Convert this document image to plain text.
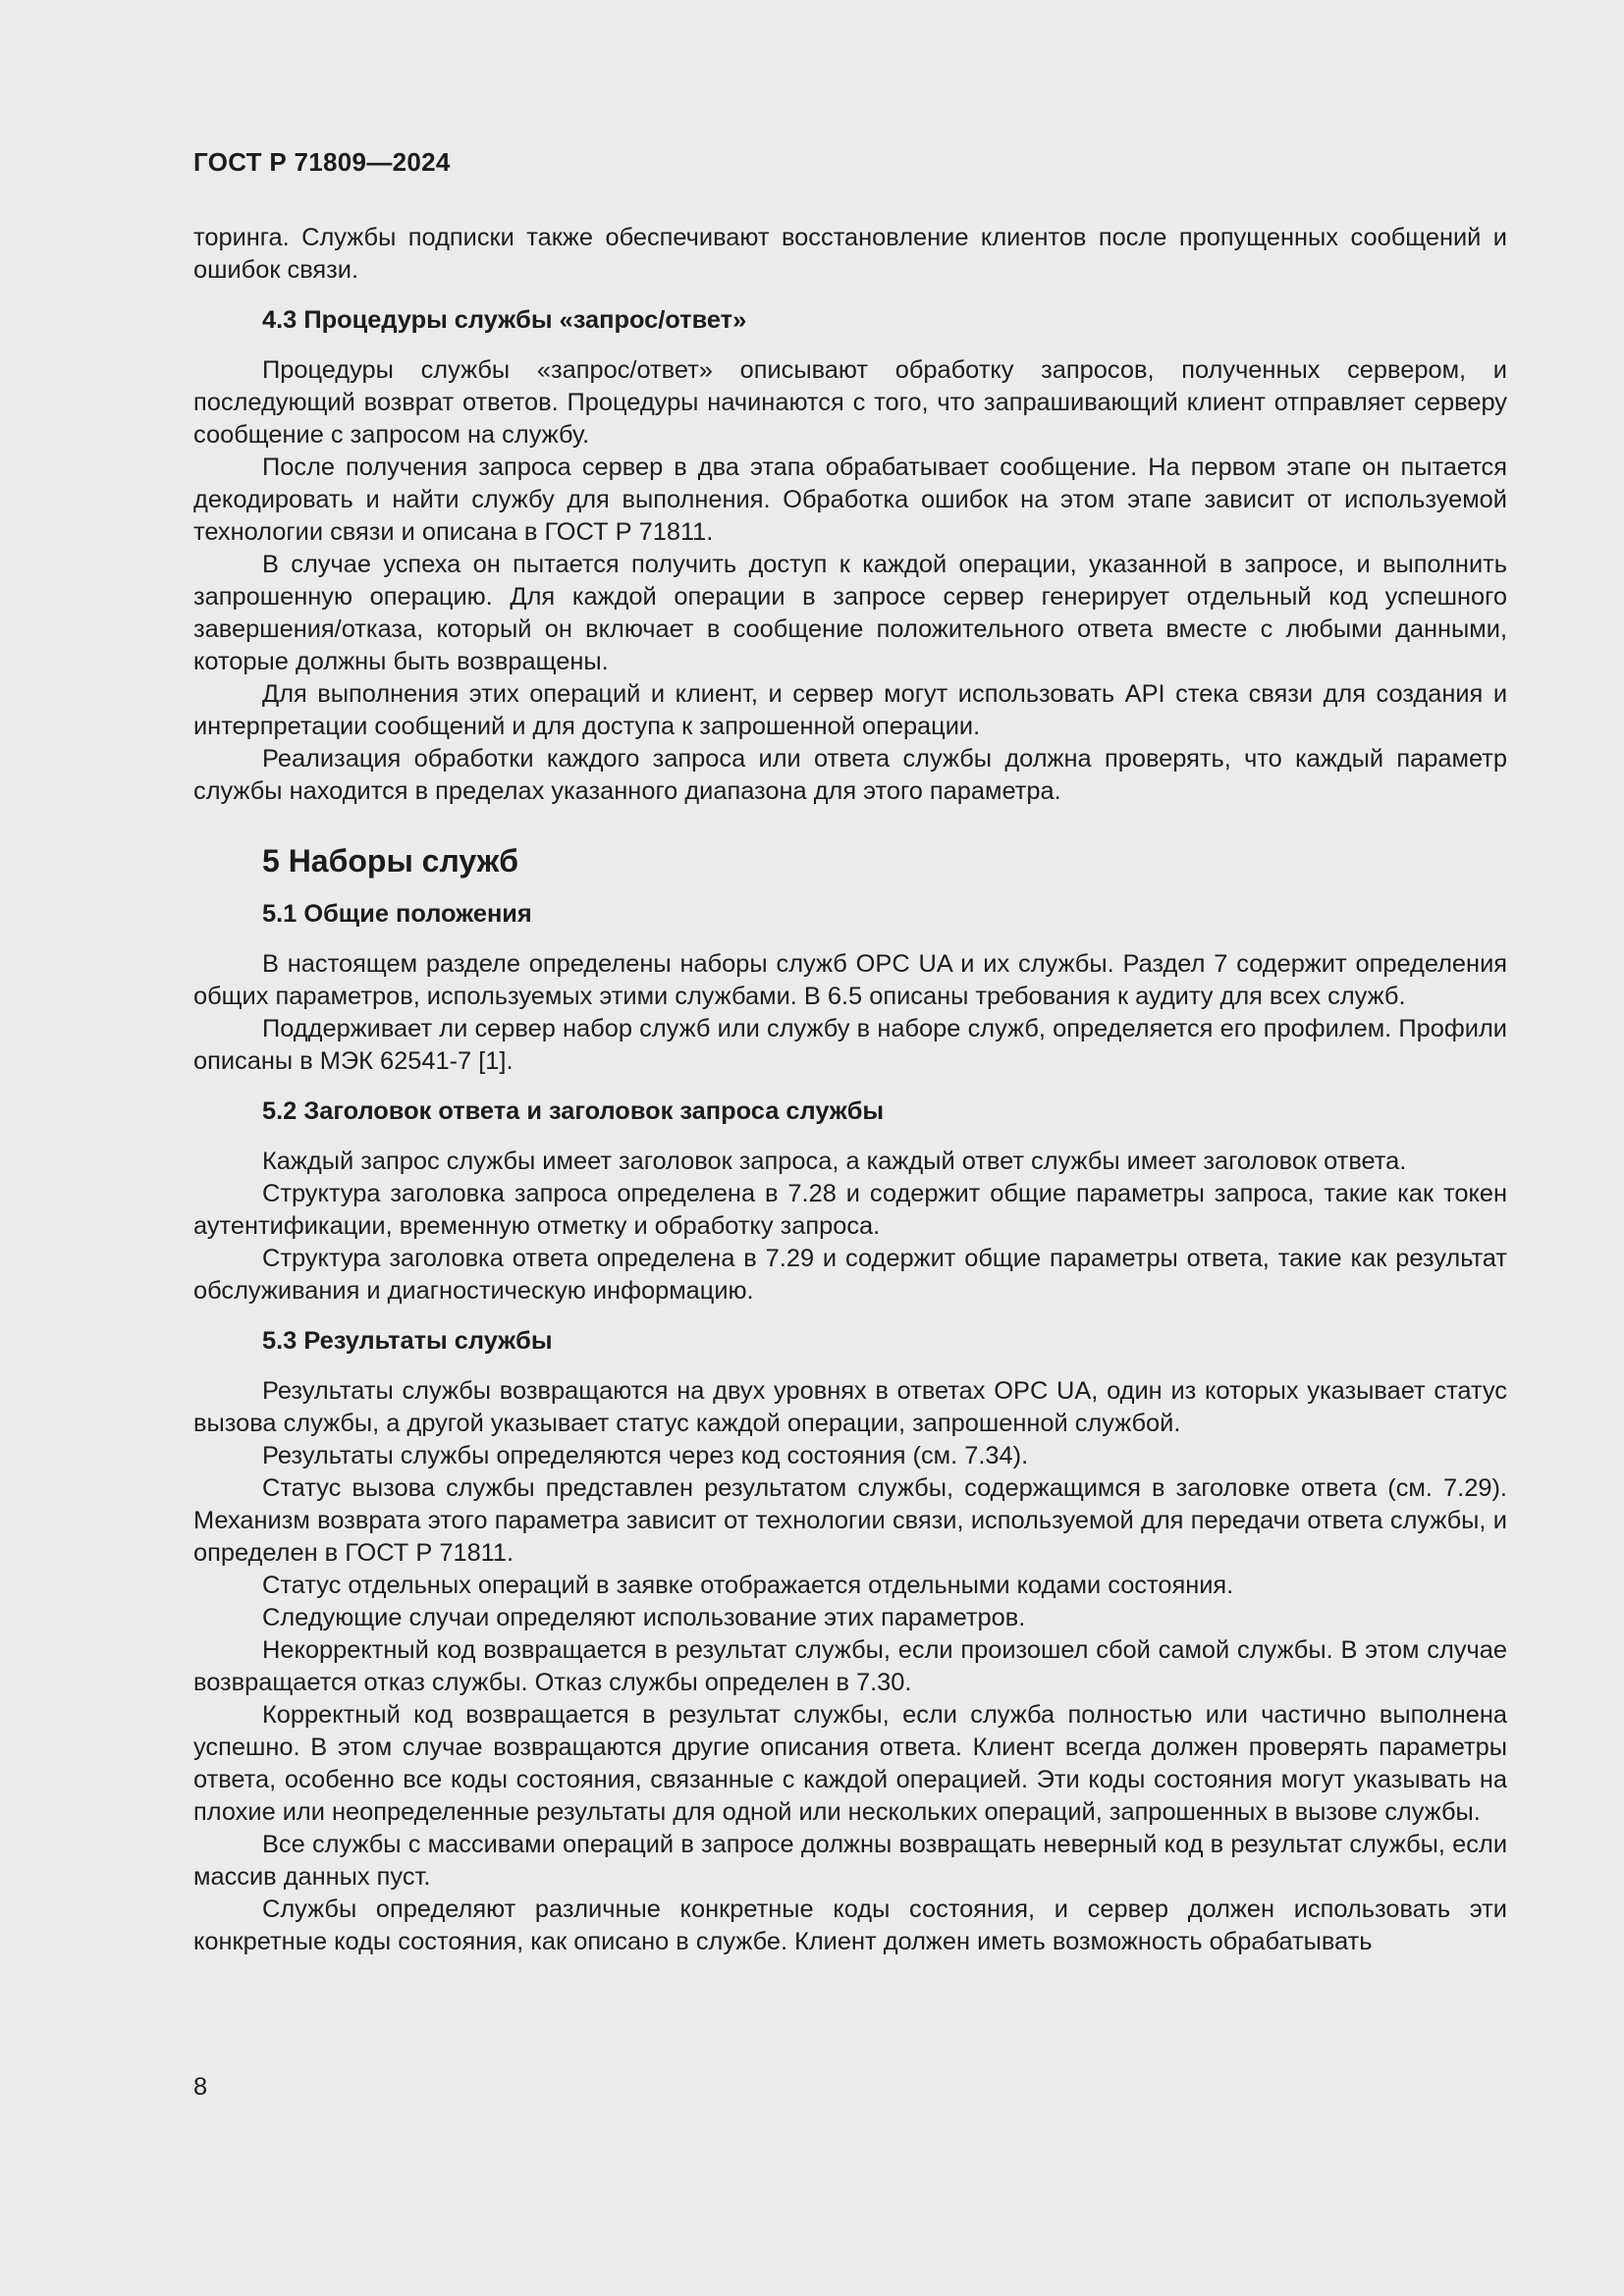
ГОСТ Р 71809—2024

торинга. Службы подписки также обеспечивают восстановление клиентов после пропущенных сообщений и ошибок связи.

4.3 Процедуры службы «запрос/ответ»

Процедуры службы «запрос/ответ» описывают обработку запросов, полученных сервером, и последующий возврат ответов. Процедуры начинаются с того, что запрашивающий клиент отправляет серверу сообщение с запросом на службу.

После получения запроса сервер в два этапа обрабатывает сообщение. На первом этапе он пытается декодировать и найти службу для выполнения. Обработка ошибок на этом этапе зависит от используемой технологии связи и описана в ГОСТ Р 71811.

В случае успеха он пытается получить доступ к каждой операции, указанной в запросе, и выполнить запрошенную операцию. Для каждой операции в запросе сервер генерирует отдельный код успешного завершения/отказа, который он включает в сообщение положительного ответа вместе с любыми данными, которые должны быть возвращены.

Для выполнения этих операций и клиент, и сервер могут использовать API стека связи для создания и интерпретации сообщений и для доступа к запрошенной операции.

Реализация обработки каждого запроса или ответа службы должна проверять, что каждый параметр службы находится в пределах указанного диапазона для этого параметра.

5 Наборы служб
5.1 Общие положения

В настоящем разделе определены наборы служб OPC UA и их службы. Раздел 7 содержит определения общих параметров, используемых этими службами. В 6.5 описаны требования к аудиту для всех служб.

Поддерживает ли сервер набор служб или службу в наборе служб, определяется его профилем. Профили описаны в МЭК 62541-7 [1].

5.2 Заголовок ответа и заголовок запроса службы

Каждый запрос службы имеет заголовок запроса, а каждый ответ службы имеет заголовок ответа.

Структура заголовка запроса определена в 7.28 и содержит общие параметры запроса, такие как токен аутентификации, временную отметку и обработку запроса.

Структура заголовка ответа определена в 7.29 и содержит общие параметры ответа, такие как результат обслуживания и диагностическую информацию.

5.3 Результаты службы

Результаты службы возвращаются на двух уровнях в ответах OPC UA, один из которых указывает статус вызова службы, а другой указывает статус каждой операции, запрошенной службой.

Результаты службы определяются через код состояния (см. 7.34).

Статус вызова службы представлен результатом службы, содержащимся в заголовке ответа (см. 7.29). Механизм возврата этого параметра зависит от технологии связи, используемой для передачи ответа службы, и определен в ГОСТ Р 71811.

Статус отдельных операций в заявке отображается отдельными кодами состояния.

Следующие случаи определяют использование этих параметров.

Некорректный код возвращается в результат службы, если произошел сбой самой службы. В этом случае возвращается отказ службы. Отказ службы определен в 7.30.

Корректный код возвращается в результат службы, если служба полностью или частично выполнена успешно. В этом случае возвращаются другие описания ответа. Клиент всегда должен проверять параметры ответа, особенно все коды состояния, связанные с каждой операцией. Эти коды состояния могут указывать на плохие или неопределенные результаты для одной или нескольких операций, запрошенных в вызове службы.

Все службы с массивами операций в запросе должны возвращать неверный код в результат службы, если массив данных пуст.

Службы определяют различные конкретные коды состояния, и сервер должен использовать эти конкретные коды состояния, как описано в службе. Клиент должен иметь возможность обрабатывать

8
